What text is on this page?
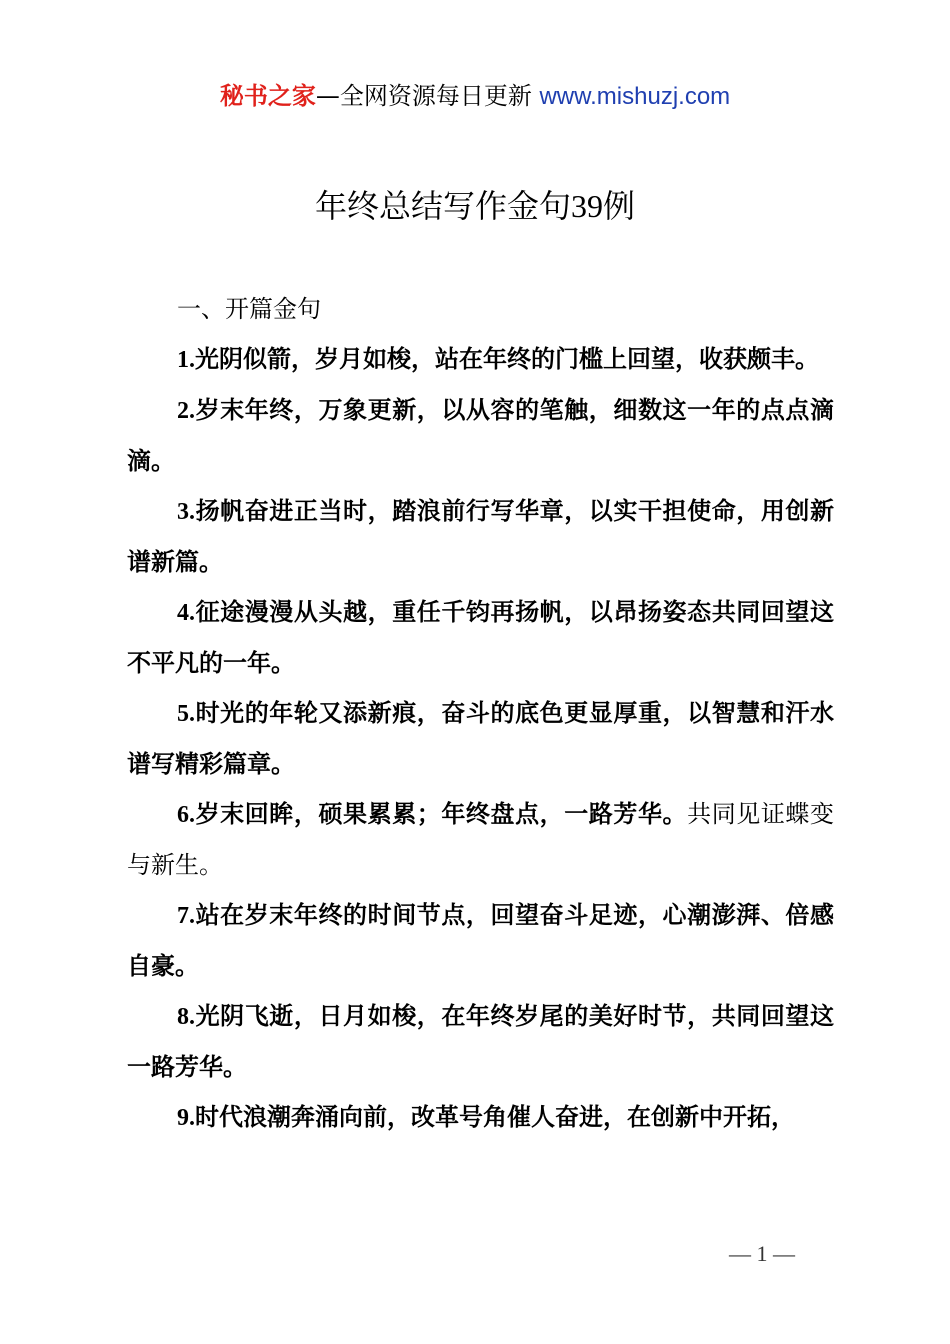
秘书之家—全网资源每日更新 www.mishuzj.com
年终总结写作金句39例
一、开篇金句

1.光阴似箭，岁月如梭，站在年终的门槛上回望，收获颇丰。

2.岁末年终，万象更新，以从容的笔触，细数这一年的点点滴滴。

3.扬帆奋进正当时，踏浪前行写华章，以实干担使命，用创新谱新篇。

4.征途漫漫从头越，重任千钧再扬帆，以昂扬姿态共同回望这不平凡的一年。

5.时光的年轮又添新痕，奋斗的底色更显厚重，以智慧和汗水谱写精彩篇章。

6.岁末回眸，硕果累累；年终盘点，一路芳华。共同见证蝶变与新生。

7.站在岁末年终的时间节点，回望奋斗足迹，心潮澎湃、倍感自豪。

8.光阴飞逝，日月如梭，在年终岁尾的美好时节，共同回望这一路芳华。

9.时代浪潮奔涌向前，改革号角催人奋进，在创新中开拓，

— 1 —
